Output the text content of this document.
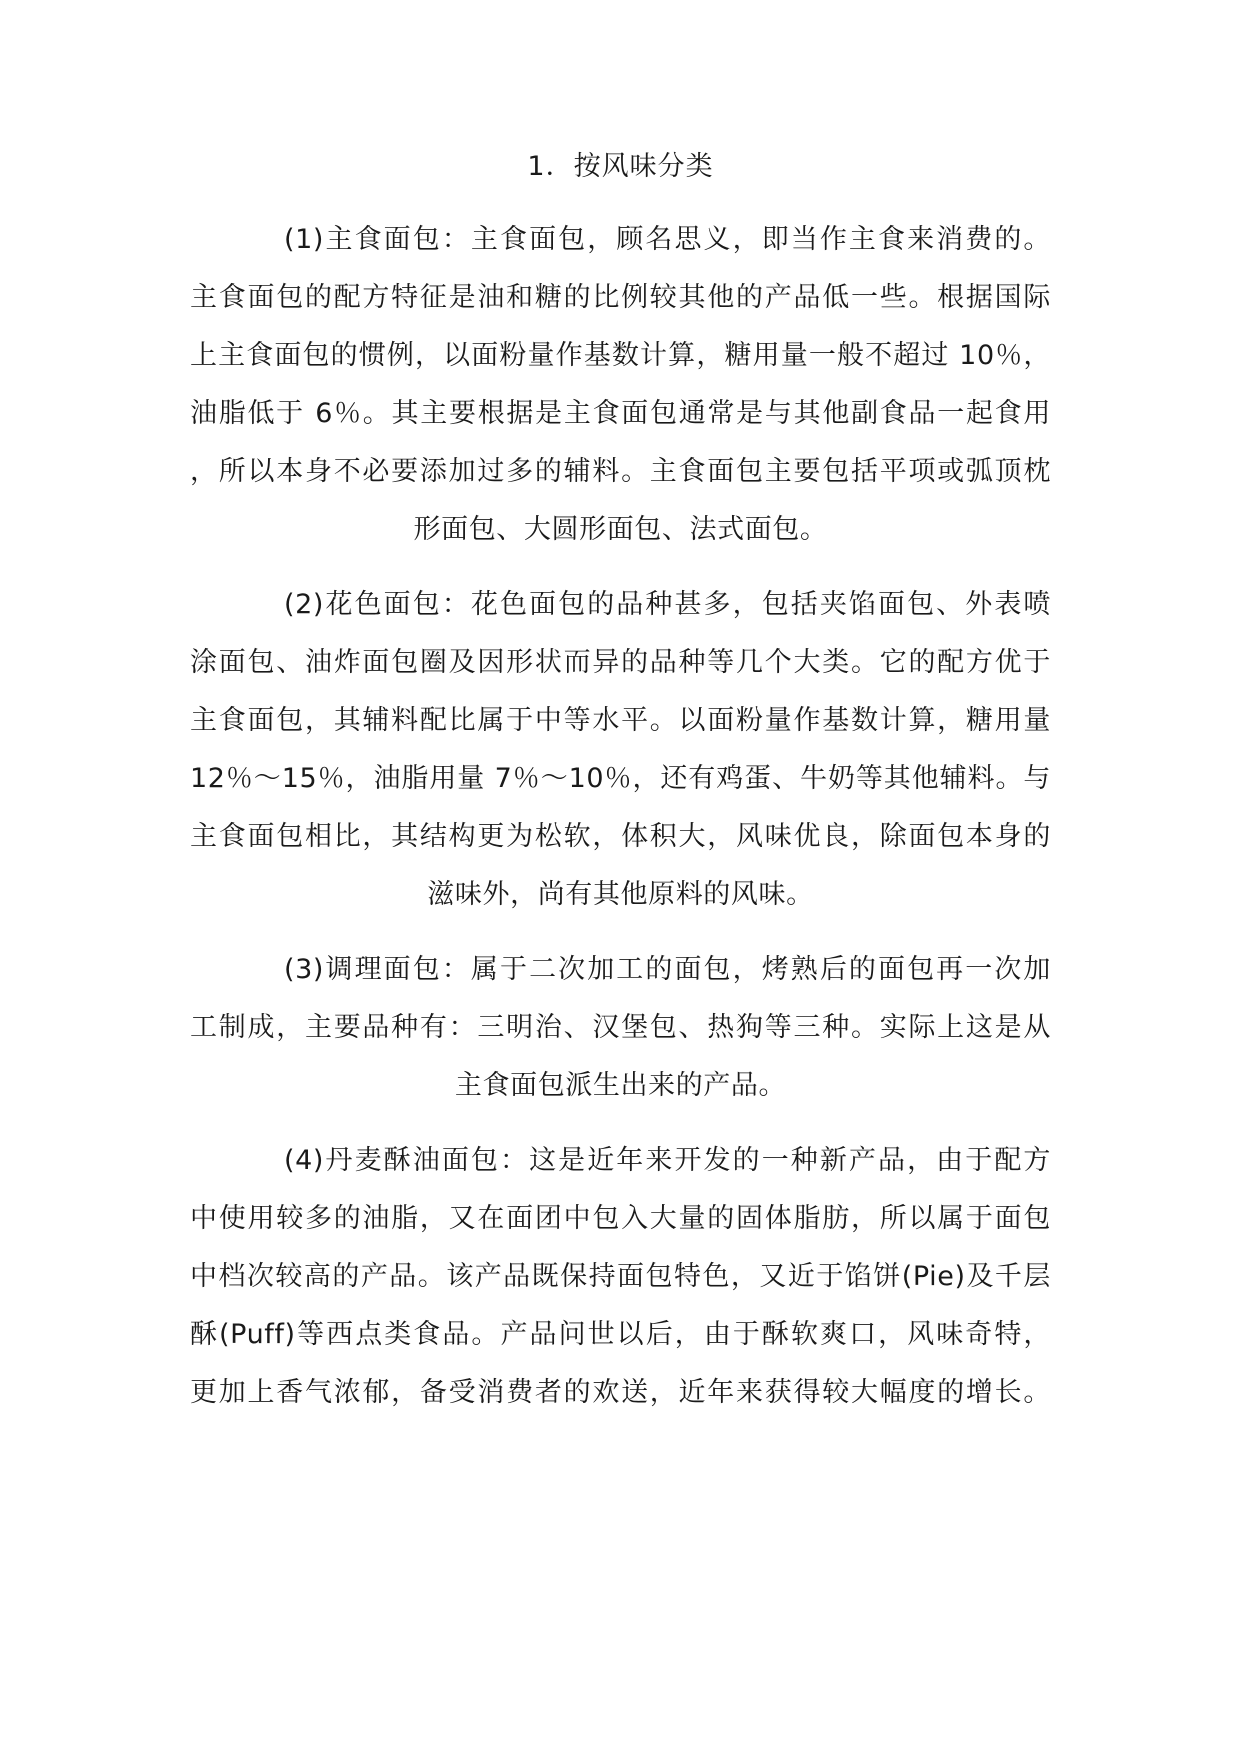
1．按风味分类
(1)主食面包：主食面包，顾名思义，即当作主食来消费的。
主食面包的配方特征是油和糖的比例较其他的产品低一些。根据国际
上主食面包的惯例，以面粉量作基数计算，糖用量一般不超过 10％，
油脂低于 6％。其主要根据是主食面包通常是与其他副食品一起食用
，所以本身不必要添加过多的辅料。主食面包主要包括平项或弧顶枕
形面包、大圆形面包、法式面包。
(2)花色面包：花色面包的品种甚多，包括夹馅面包、外表喷
涂面包、油炸面包圈及因形状而异的品种等几个大类。它的配方优于
主食面包，其辅料配比属于中等水平。以面粉量作基数计算，糖用量
12％～15％，油脂用量 7％～10％，还有鸡蛋、牛奶等其他辅料。与
主食面包相比，其结构更为松软，体积大，风味优良，除面包本身的
滋味外，尚有其他原料的风味。
(3)调理面包：属于二次加工的面包，烤熟后的面包再一次加
工制成，主要品种有：三明治、汉堡包、热狗等三种。实际上这是从
主食面包派生出来的产品。
(4)丹麦酥油面包：这是近年来开发的一种新产品，由于配方
中使用较多的油脂，又在面团中包入大量的固体脂肪，所以属于面包
中档次较高的产品。该产品既保持面包特色，又近于馅饼(Pie)及千层
酥(Puff)等西点类食品。产品问世以后，由于酥软爽口，风味奇特，
更加上香气浓郁，备受消费者的欢送，近年来获得较大幅度的增长。
